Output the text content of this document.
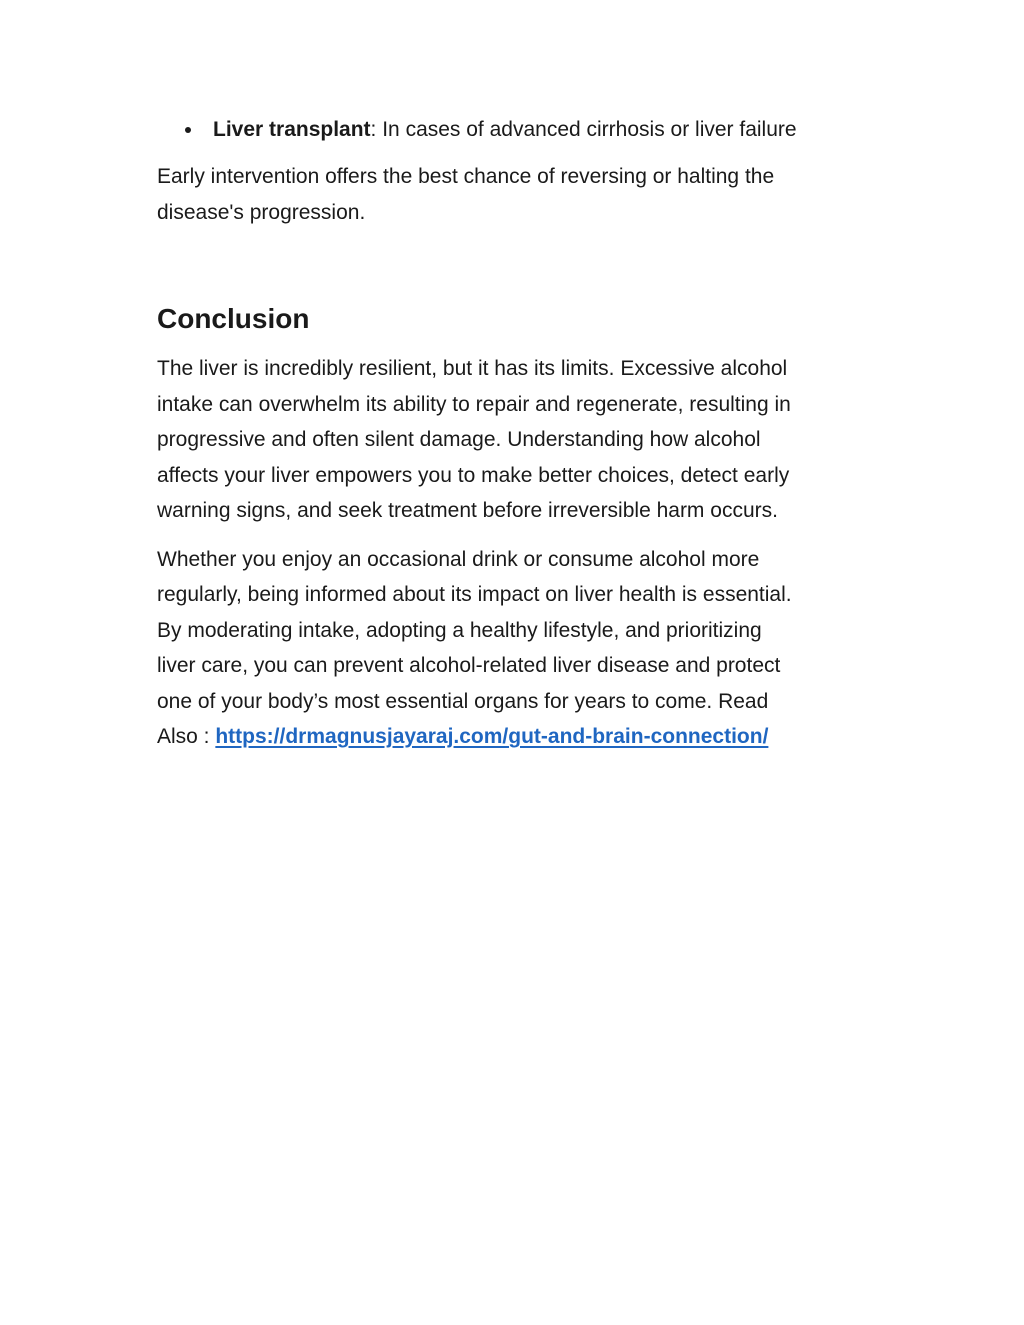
Liver transplant: In cases of advanced cirrhosis or liver failure

Early intervention offers the best chance of reversing or halting the
disease's progression.

Conclusion

The liver is incredibly resilient, but it has its limits. Excessive alcohol
intake can overwhelm its ability to repair and regenerate, resulting in
progressive and often silent damage. Understanding how alcohol
affects your liver empowers you to make better choices, detect early
warning signs, and seek treatment before irreversible harm occurs.

Whether you enjoy an occasional drink or consume alcohol more
regularly, being informed about its impact on liver health is essential.
By moderating intake, adopting a healthy lifestyle, and prioritizing
liver care, you can prevent alcohol-related liver disease and protect
one of your body’s most essential organs for years to come. Read
Also : https://drmagnusjayaraj.com/gut-and-brain-connection/
